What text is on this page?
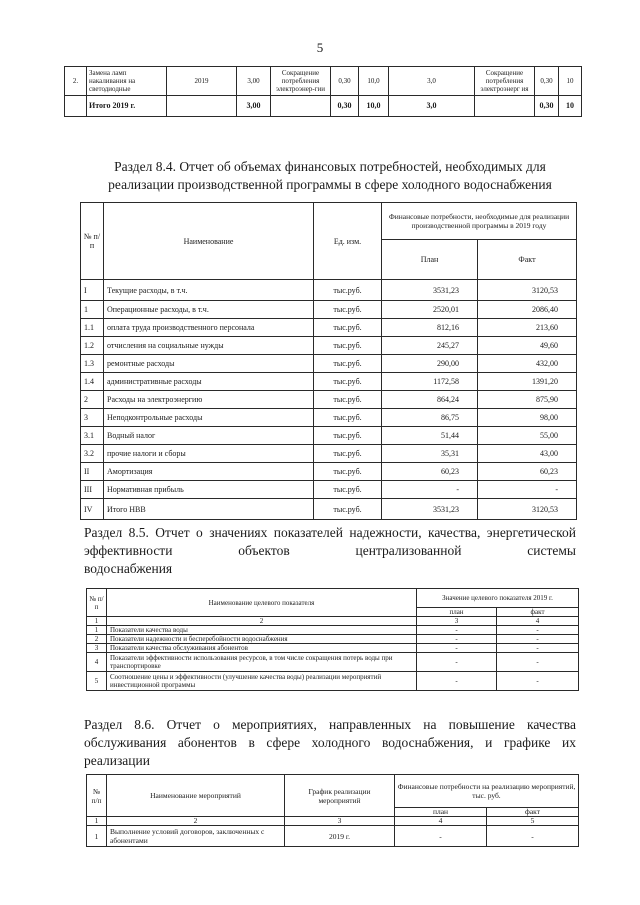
5
2.	Замена ламп накаливания на светодиодные	2019	3,00	Сокращение потребления электроэнер-гии	0,30	10,0	3,0	Сокращение потребления электроэнерг ия	0,30	10
	Итого 2019 г.		3,00		0,30	10,0	3,0		0,30	10
Раздел 8.4. Отчет об объемах финансовых потребностей, необходимых для реализации производственной программы в сфере холодного водоснабжения
№ п/п	Наименование	Ед. изм.	Финансовые потребности, необходимые для реализации производственной программы в 2019 году	
			План	Факт
I	Текущие расходы, в т.ч.	тыс.руб.	3531,23	3120,53
1	Операционные расходы, в т.ч.	тыс.руб.	2520,01	2086,40
1.1	оплата труда производственного персонала	тыс.руб.	812,16	213,60
1.2	отчисления на социальные нужды	тыс.руб.	245,27	49,60
1.3	ремонтные расходы	тыс.руб.	290,00	432,00
1.4	административные расходы	тыс.руб.	1172,58	1391,20
2	Расходы на электроэнергию	тыс.руб.	864,24	875,90
3	Неподконтрольные расходы	тыс.руб.	86,75	98,00
3.1	Водный налог	тыс.руб.	51,44	55,00
3.2	прочие налоги и сборы	тыс.руб.	35,31	43,00
II	Амортизация	тыс.руб.	60,23	60,23
III	Нормативная прибыль	тыс.руб.	-	-
IV	Итого НВВ	тыс.руб.	3531,23	3120,53
Раздел 8.5. Отчет о значениях показателей надежности, качества, энергетической эффективности объектов централизованной системы
водоснабжения
№ п/п	Наименование целевого показателя	Значение целевого показателя 2019 г.	
		план	факт
1	2	3	4
1	Показатели качества воды	-	-
2	Показатели надежности и бесперебойности водоснабжения	-	-
3	Показатели качества обслуживания абонентов	-	-
4	Показатели эффективности использования ресурсов, в том числе сокращения потерь воды при транспортировке	-	-
5	Соотношение цены и эффективности (улучшение качества воды) реализации мероприятий инвестиционной программы	-	-
Раздел 8.6. Отчет о мероприятиях, направленных на повышение качества обслуживания абонентов в сфере холодного водоснабжения, и графике их реализации
№ п/п	Наименование мероприятий	График реализации мероприятий	Финансовые потребности на реализацию мероприятий, тыс. руб.	
			план	факт
1	2	3	4	5
1	Выполнение условий договоров, заключенных с абонентами	2019 г.	-	-
